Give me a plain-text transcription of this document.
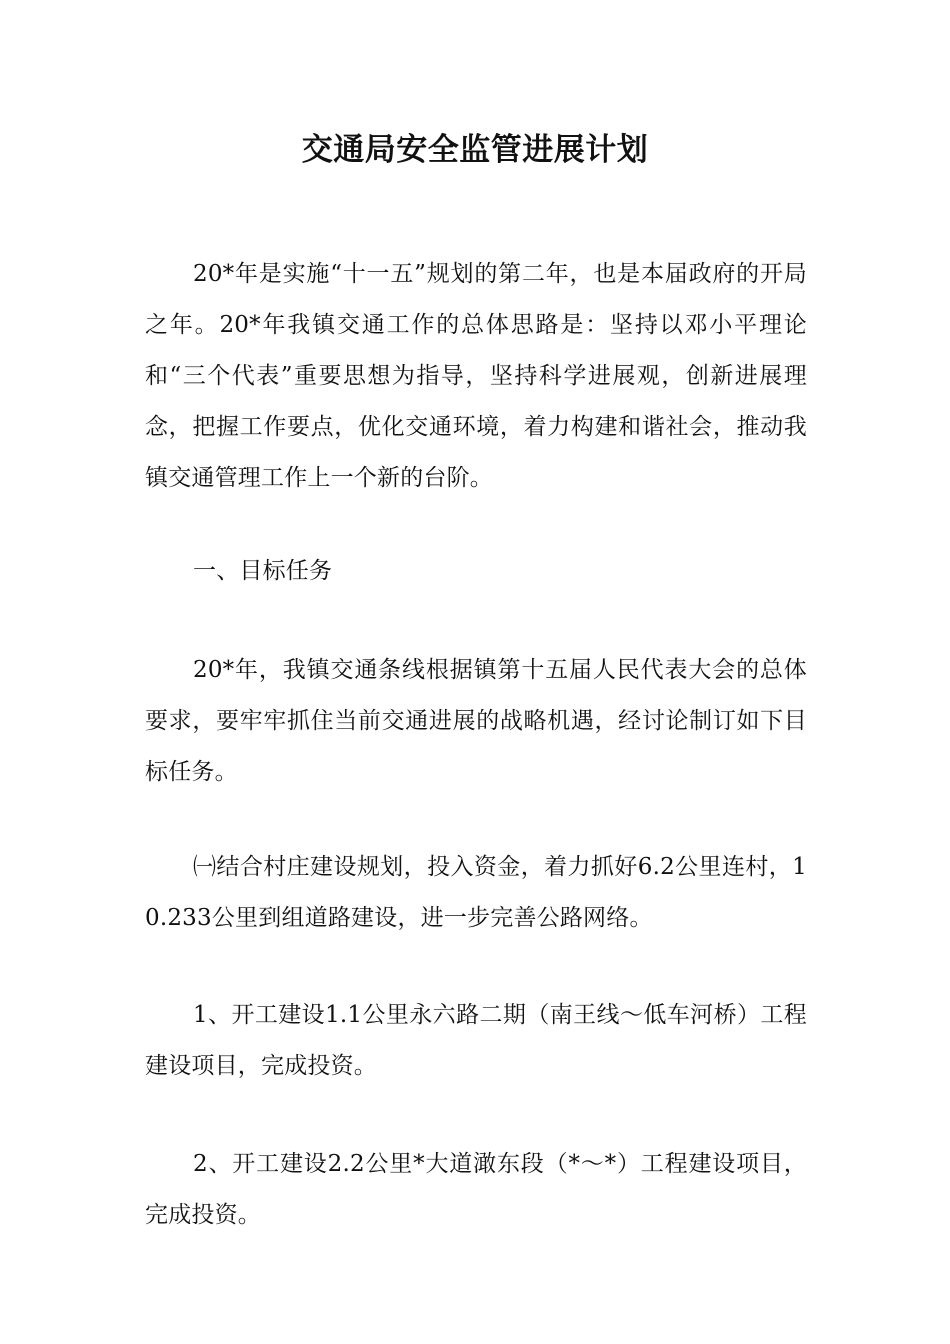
交通局安全监管进展计划

20*年是实施“十一五”规划的第二年，也是本届政府的开局之年。20*年我镇交通工作的总体思路是：坚持以邓小平理论和“三个代表”重要思想为指导，坚持科学进展观，创新进展理念，把握工作要点，优化交通环境，着力构建和谐社会，推动我镇交通管理工作上一个新的台阶。

一、目标任务

20*年，我镇交通条线根据镇第十五届人民代表大会的总体要求，要牢牢抓住当前交通进展的战略机遇，经讨论制订如下目标任务。

㈠结合村庄建设规划，投入资金，着力抓好6.2公里连村，10.233公里到组道路建设，进一步完善公路网络。

1、开工建设1.1公里永六路二期（南王线～低车河桥）工程建设项目，完成投资。

2、开工建设2.2公里*大道澉东段（*～*）工程建设项目，完成投资。
